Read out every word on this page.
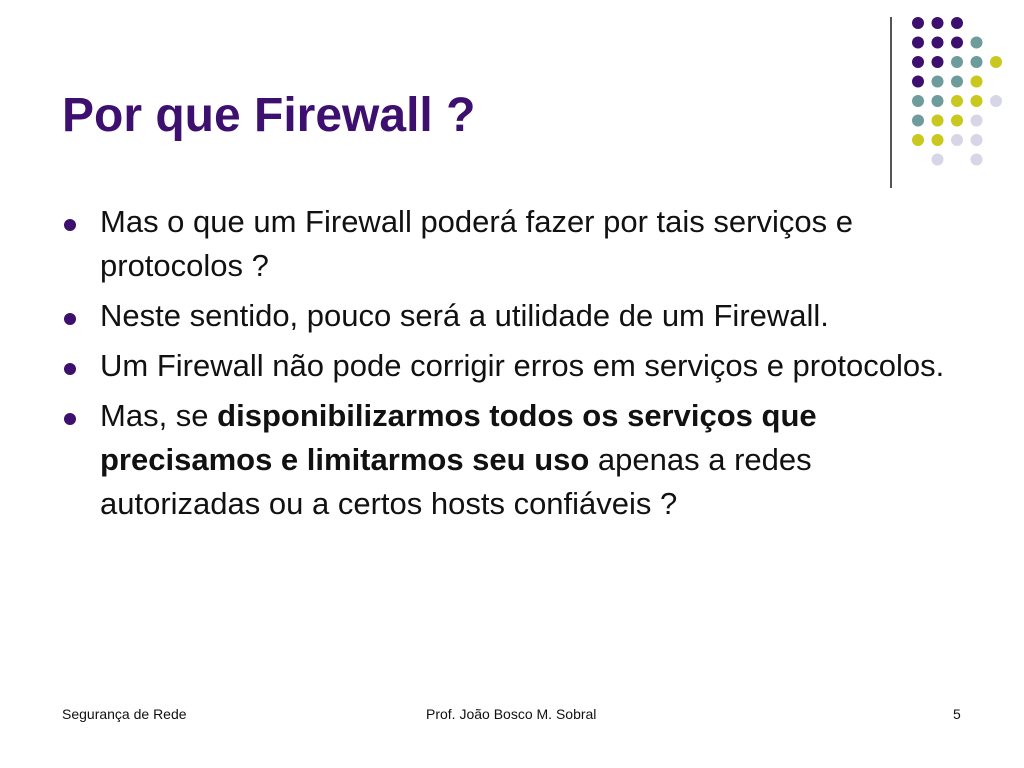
Por que Firewall ?
Mas o que um Firewall poderá fazer por tais serviços e protocolos ?
Neste sentido, pouco será a utilidade de um Firewall.
Um Firewall não pode corrigir erros em serviços e protocolos.
Mas, se disponibilizarmos todos os serviços que precisamos e limitarmos seu uso apenas a redes autorizadas ou a certos hosts confiáveis ?
Segurança de Rede	Prof. João Bosco M. Sobral	5
